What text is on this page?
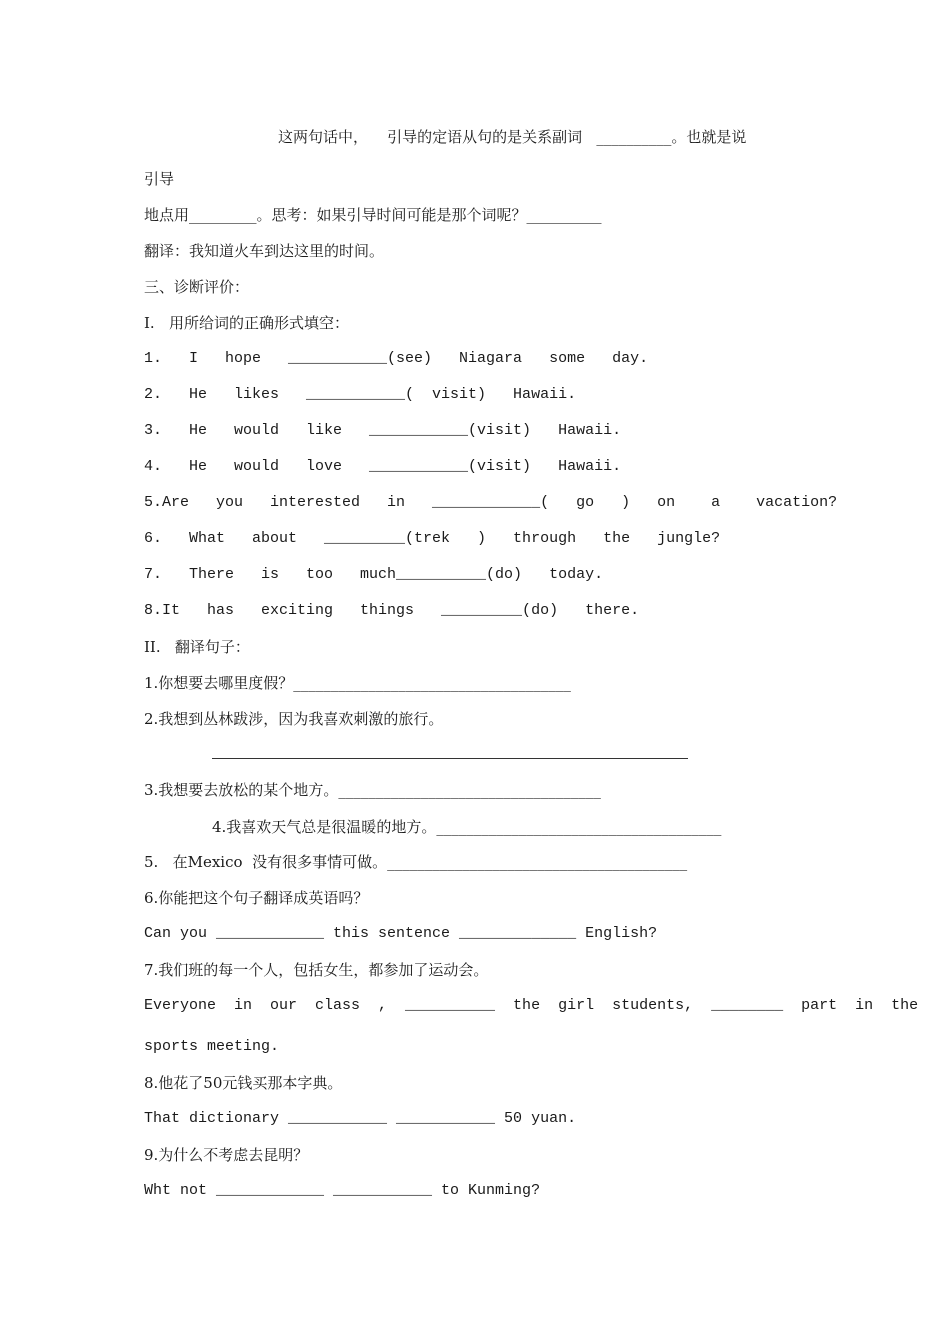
这两句话中，    引导的定语从句的是关系副词   __________。也就是说
引导
地点用_________。思考：如果引导时间可能是那个词呢？__________
翻译：我知道火车到达这里的时间。
三、诊断评价：
I.   用所给词的正确形式填空：
1.   I   hope   ___________(see)   Niagara   some   day.
2.   He   likes   ___________(  visit)   Hawaii.
3.   He   would   like   ___________(visit)   Hawaii.
4.   He   would   love   ___________(visit)   Hawaii.
5.Are   you   interested   in   ____________(   go   )   on    a    vacation?
6.   What   about   _________(trek   )   through   the   jungle?
7.   There   is   too   much__________(do)   today.
8.It   has   exciting   things   _________(do)   there.
II.   翻译句子：
1.你想要去哪里度假？_____________________________________
2.我想到丛林跋涉，因为我喜欢刺激的旅行。
3.我想要去放松的某个地方。___________________________________
4.我喜欢天气总是很温暖的地方。______________________________________
5.   在Mexico  没有很多事情可做。________________________________________
6.你能把这个句子翻译成英语吗？
Can you ____________ this sentence _____________ English?
7.我们班的每一个人，包括女生，都参加了运动会。
Everyone  in  our  class  ,  __________  the  girl  students,  ________  part  in  the
sports meeting.
8.他花了50元钱买那本字典。
That dictionary ___________ ___________ 50 yuan.
9.为什么不考虑去昆明？
Wht not ____________ ___________ to Kunming?
